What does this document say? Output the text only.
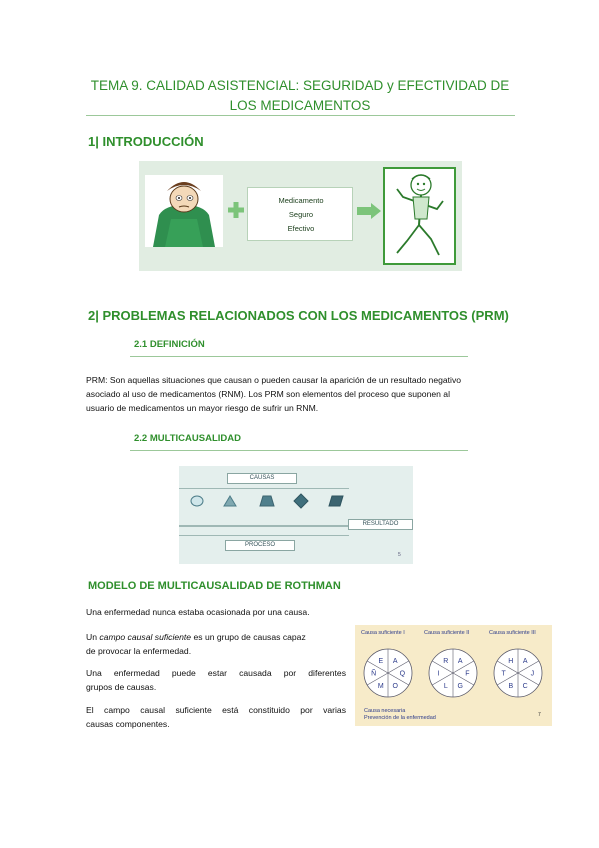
TEMA 9. CALIDAD ASISTENCIAL: SEGURIDAD y EFECTIVIDAD DE
LOS MEDICAMENTOS
1| INTRODUCCIÓN
Medicamento
Seguro
Efectivo
2| PROBLEMAS RELACIONADOS CON LOS MEDICAMENTOS (PRM)
2.1 DEFINICIÓN
PRM: Son aquellas situaciones que causan o pueden causar la aparición de un resultado negativo
asociado al uso de medicamentos (RNM). Los PRM son elementos del proceso que suponen al
usuario de medicamentos un mayor riesgo de sufrir un RNM.
2.2 MULTICAUSALIDAD
CAUSAS
RESULTADO
PROCESO
5
MODELO DE MULTICAUSALIDAD DE ROTHMAN
Una enfermedad nunca estaba ocasionada por una causa.
Un campo causal suficiente es un grupo de causas capaz
de provocar la enfermedad.
Una enfermedad puede estar causada por diferentes
grupos de causas.
El campo causal suficiente está constituido por varias
causas componentes.
Causa suficiente I	Causa suficiente II	Causa suficiente III
A
Q
O
M
Ñ
E	A
F
G
L
I
R	A
J
C
B
T
H
Causa necesaria
Prevención de la enfermedad	7
